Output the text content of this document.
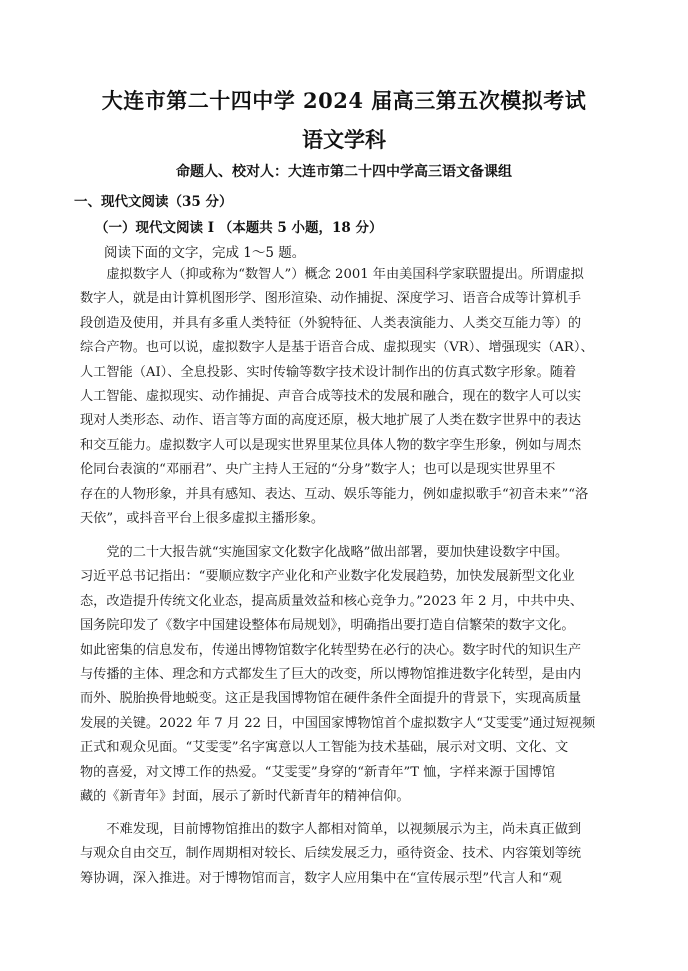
大连市第二十四中学 2024 届高三第五次模拟考试
语文学科
命题人、校对人：大连市第二十四中学高三语文备课组
一、现代文阅读（35 分）
（一）现代文阅读 I （本题共 5 小题，18 分）
阅读下面的文字，完成 1～5 题。
　　虚拟数字人（抑或称为“数智人”）概念 2001 年由美国科学家联盟提出。所谓虚拟
数字人，就是由计算机图形学、图形渲染、动作捕捉、深度学习、语音合成等计算机手
段创造及使用，并具有多重人类特征（外貌特征、人类表演能力、人类交互能力等）的
综合产物。也可以说，虚拟数字人是基于语音合成、虚拟现实（VR）、增强现实（AR）、
人工智能（AI）、全息投影、实时传输等数字技术设计制作出的仿真式数字形象。随着
人工智能、虚拟现实、动作捕捉、声音合成等技术的发展和融合，现在的数字人可以实
现对人类形态、动作、语言等方面的高度还原，极大地扩展了人类在数字世界中的表达
和交互能力。虚拟数字人可以是现实世界里某位具体人物的数字孪生形象，例如与周杰
伦同台表演的“邓丽君”、央广主持人王冠的“分身”数字人；也可以是现实世界里不
存在的人物形象，并具有感知、表达、互动、娱乐等能力，例如虚拟歌手“初音未来”“洛
天依”，或抖音平台上很多虚拟主播形象。
　　党的二十大报告就“实施国家文化数字化战略”做出部署，要加快建设数字中国。
习近平总书记指出：“要顺应数字产业化和产业数字化发展趋势，加快发展新型文化业
态，改造提升传统文化业态，提高质量效益和核心竞争力。”2023 年 2 月，中共中央、
国务院印发了《数字中国建设整体布局规划》，明确指出要打造自信繁荣的数字文化。
如此密集的信息发布，传递出博物馆数字化转型势在必行的决心。数字时代的知识生产
与传播的主体、理念和方式都发生了巨大的改变，所以博物馆推进数字化转型，是由内
而外、脱胎换骨地蜕变。这正是我国博物馆在硬件条件全面提升的背景下，实现高质量
发展的关键。2022 年 7 月 22 日，中国国家博物馆首个虚拟数字人“艾雯雯”通过短视频
正式和观众见面。“艾雯雯”名字寓意以人工智能为技术基础，展示对文明、文化、文
物的喜爱，对文博工作的热爱。“艾雯雯”身穿的“新青年”T 恤，字样来源于国博馆
藏的《新青年》封面，展示了新时代新青年的精神信仰。
　　不难发现，目前博物馆推出的数字人都相对简单，以视频展示为主，尚未真正做到
与观众自由交互，制作周期相对较长、后续发展乏力，亟待资金、技术、内容策划等统
筹协调，深入推进。对于博物馆而言，数字人应用集中在“宣传展示型”代言人和“观
